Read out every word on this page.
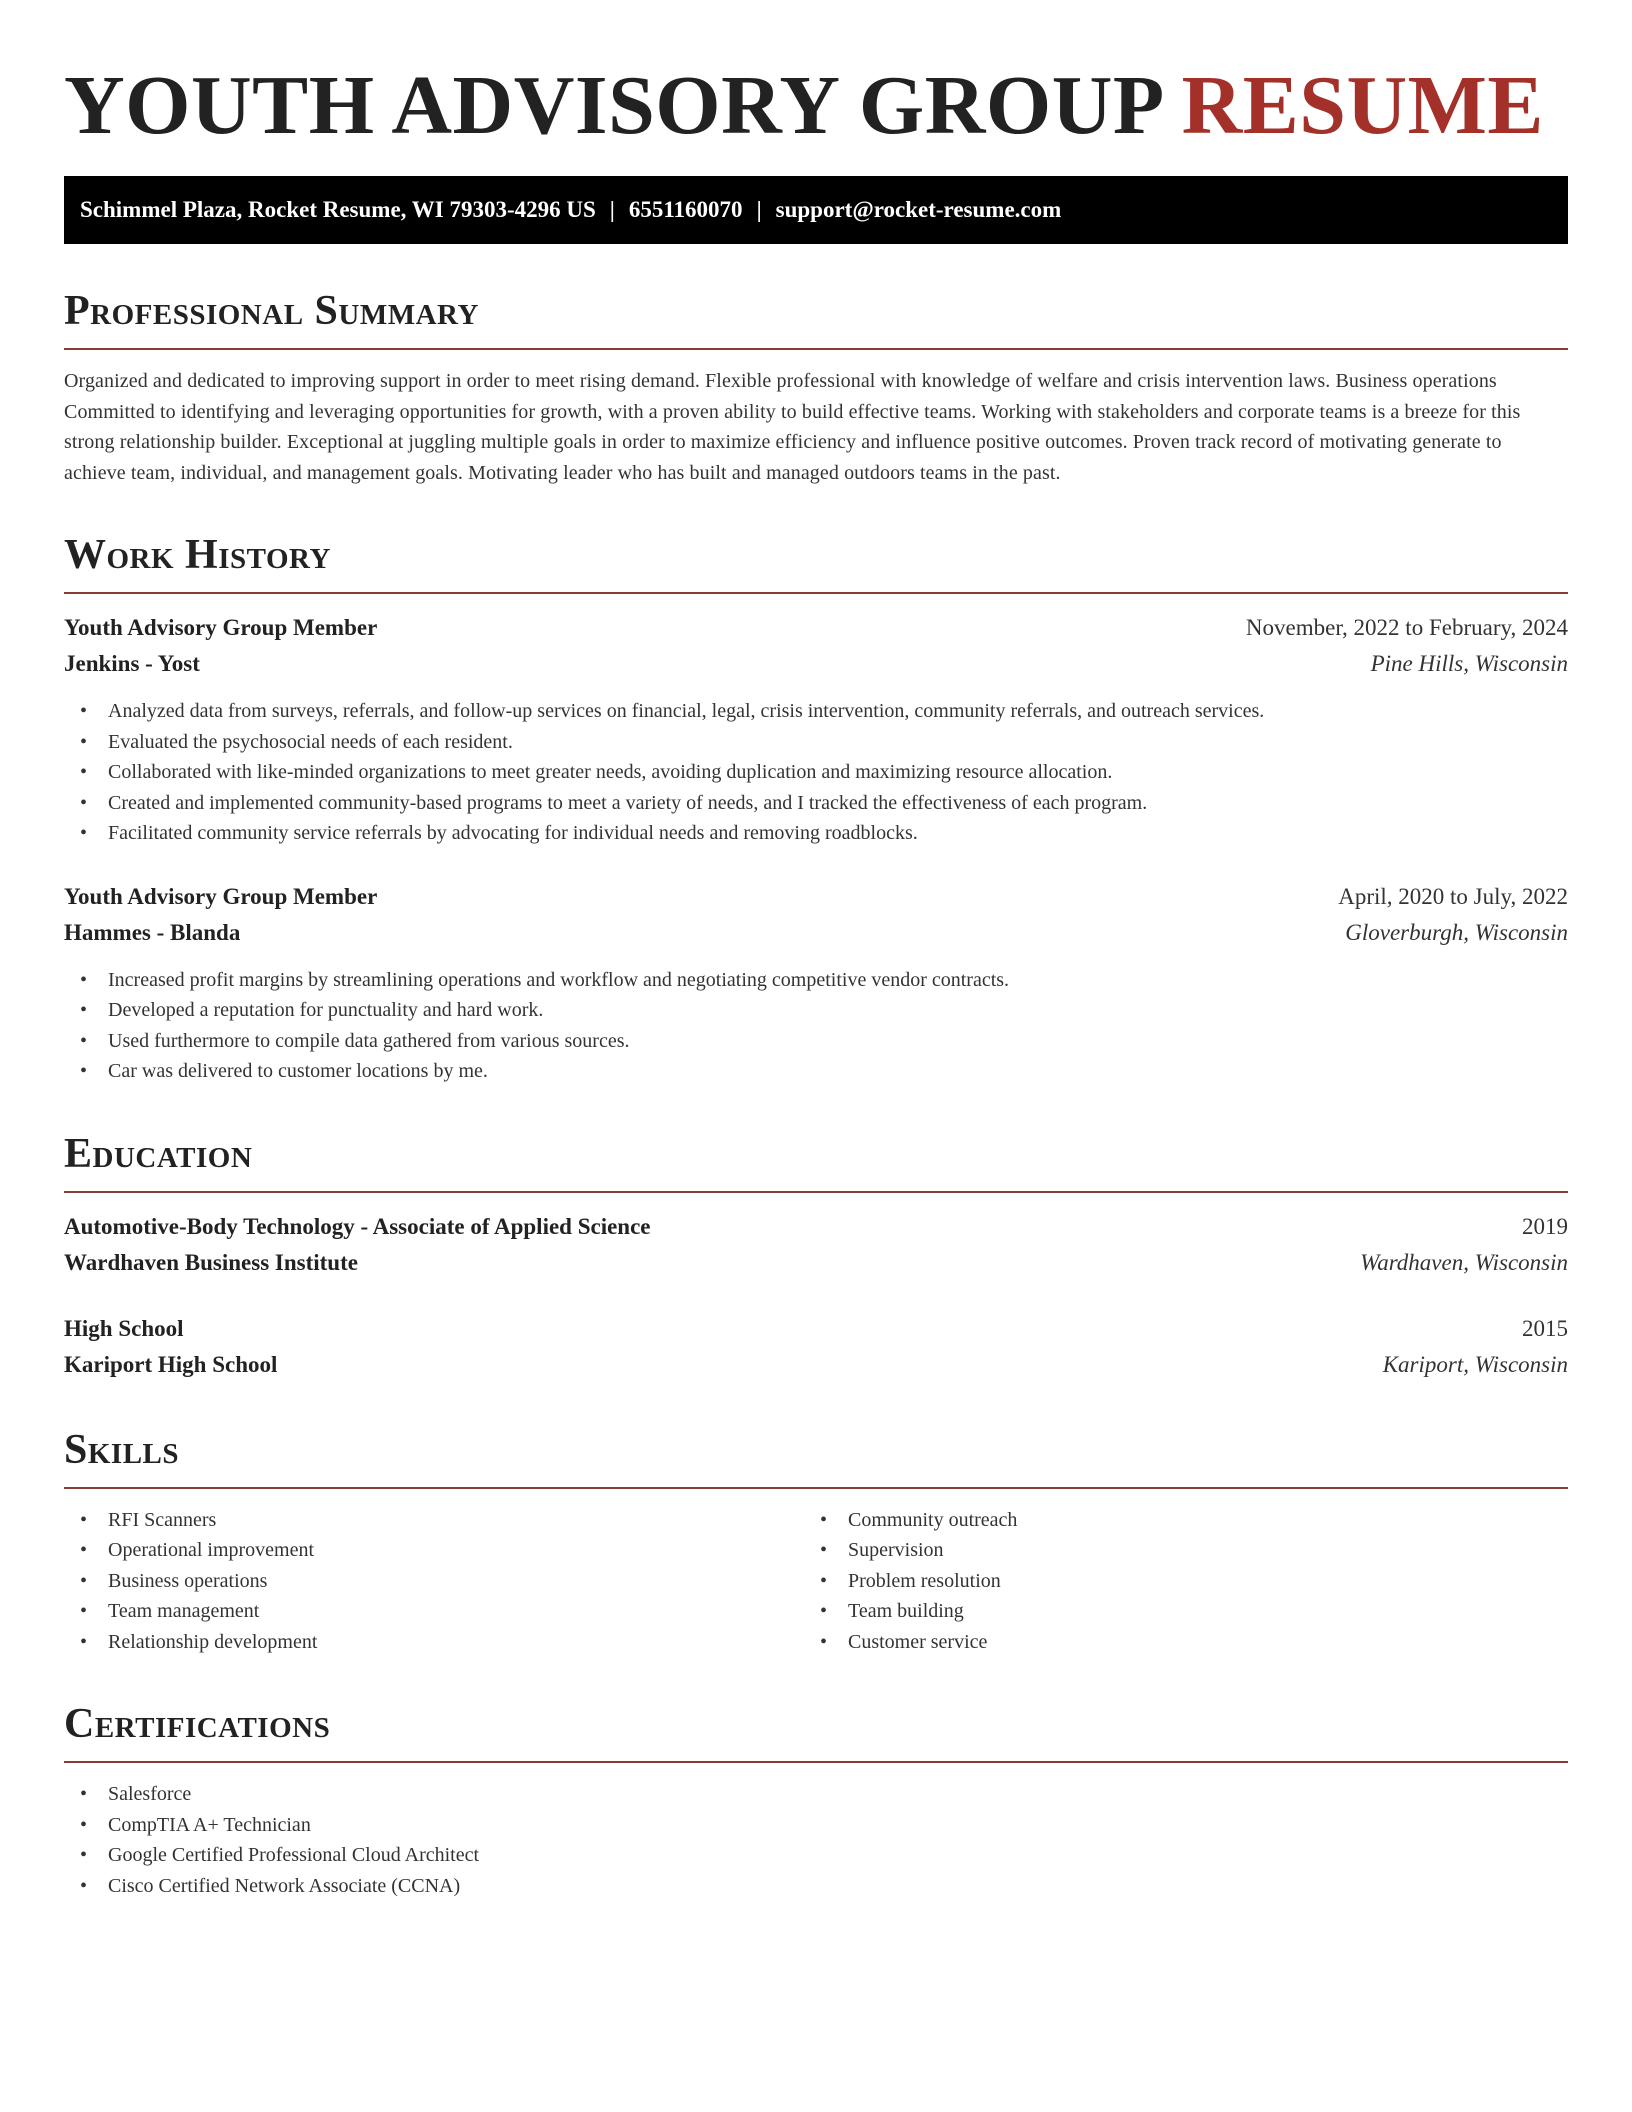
YOUTH ADVISORY GROUP RESUME
Schimmel Plaza, Rocket Resume, WI 79303-4296 US | 6551160070 | support@rocket-resume.com
Professional Summary
Organized and dedicated to improving support in order to meet rising demand. Flexible professional with knowledge of welfare and crisis intervention laws. Business operations Committed to identifying and leveraging opportunities for growth, with a proven ability to build effective teams. Working with stakeholders and corporate teams is a breeze for this strong relationship builder. Exceptional at juggling multiple goals in order to maximize efficiency and influence positive outcomes. Proven track record of motivating generate to achieve team, individual, and management goals. Motivating leader who has built and managed outdoors teams in the past.
Work History
Youth Advisory Group Member	November, 2022 to February, 2024
Jenkins - Yost	Pine Hills, Wisconsin
• Analyzed data from surveys, referrals, and follow-up services on financial, legal, crisis intervention, community referrals, and outreach services.
• Evaluated the psychosocial needs of each resident.
• Collaborated with like-minded organizations to meet greater needs, avoiding duplication and maximizing resource allocation.
• Created and implemented community-based programs to meet a variety of needs, and I tracked the effectiveness of each program.
• Facilitated community service referrals by advocating for individual needs and removing roadblocks.
Youth Advisory Group Member	April, 2020 to July, 2022
Hammes - Blanda	Gloverburgh, Wisconsin
• Increased profit margins by streamlining operations and workflow and negotiating competitive vendor contracts.
• Developed a reputation for punctuality and hard work.
• Used furthermore to compile data gathered from various sources.
• Car was delivered to customer locations by me.
Education
Automotive-Body Technology - Associate of Applied Science	2019
Wardhaven Business Institute	Wardhaven, Wisconsin
High School	2015
Kariport High School	Kariport, Wisconsin
Skills
• RFI Scanners
• Operational improvement
• Business operations
• Team management
• Relationship development
• Community outreach
• Supervision
• Problem resolution
• Team building
• Customer service
Certifications
• Salesforce
• CompTIA A+ Technician
• Google Certified Professional Cloud Architect
• Cisco Certified Network Associate (CCNA)
